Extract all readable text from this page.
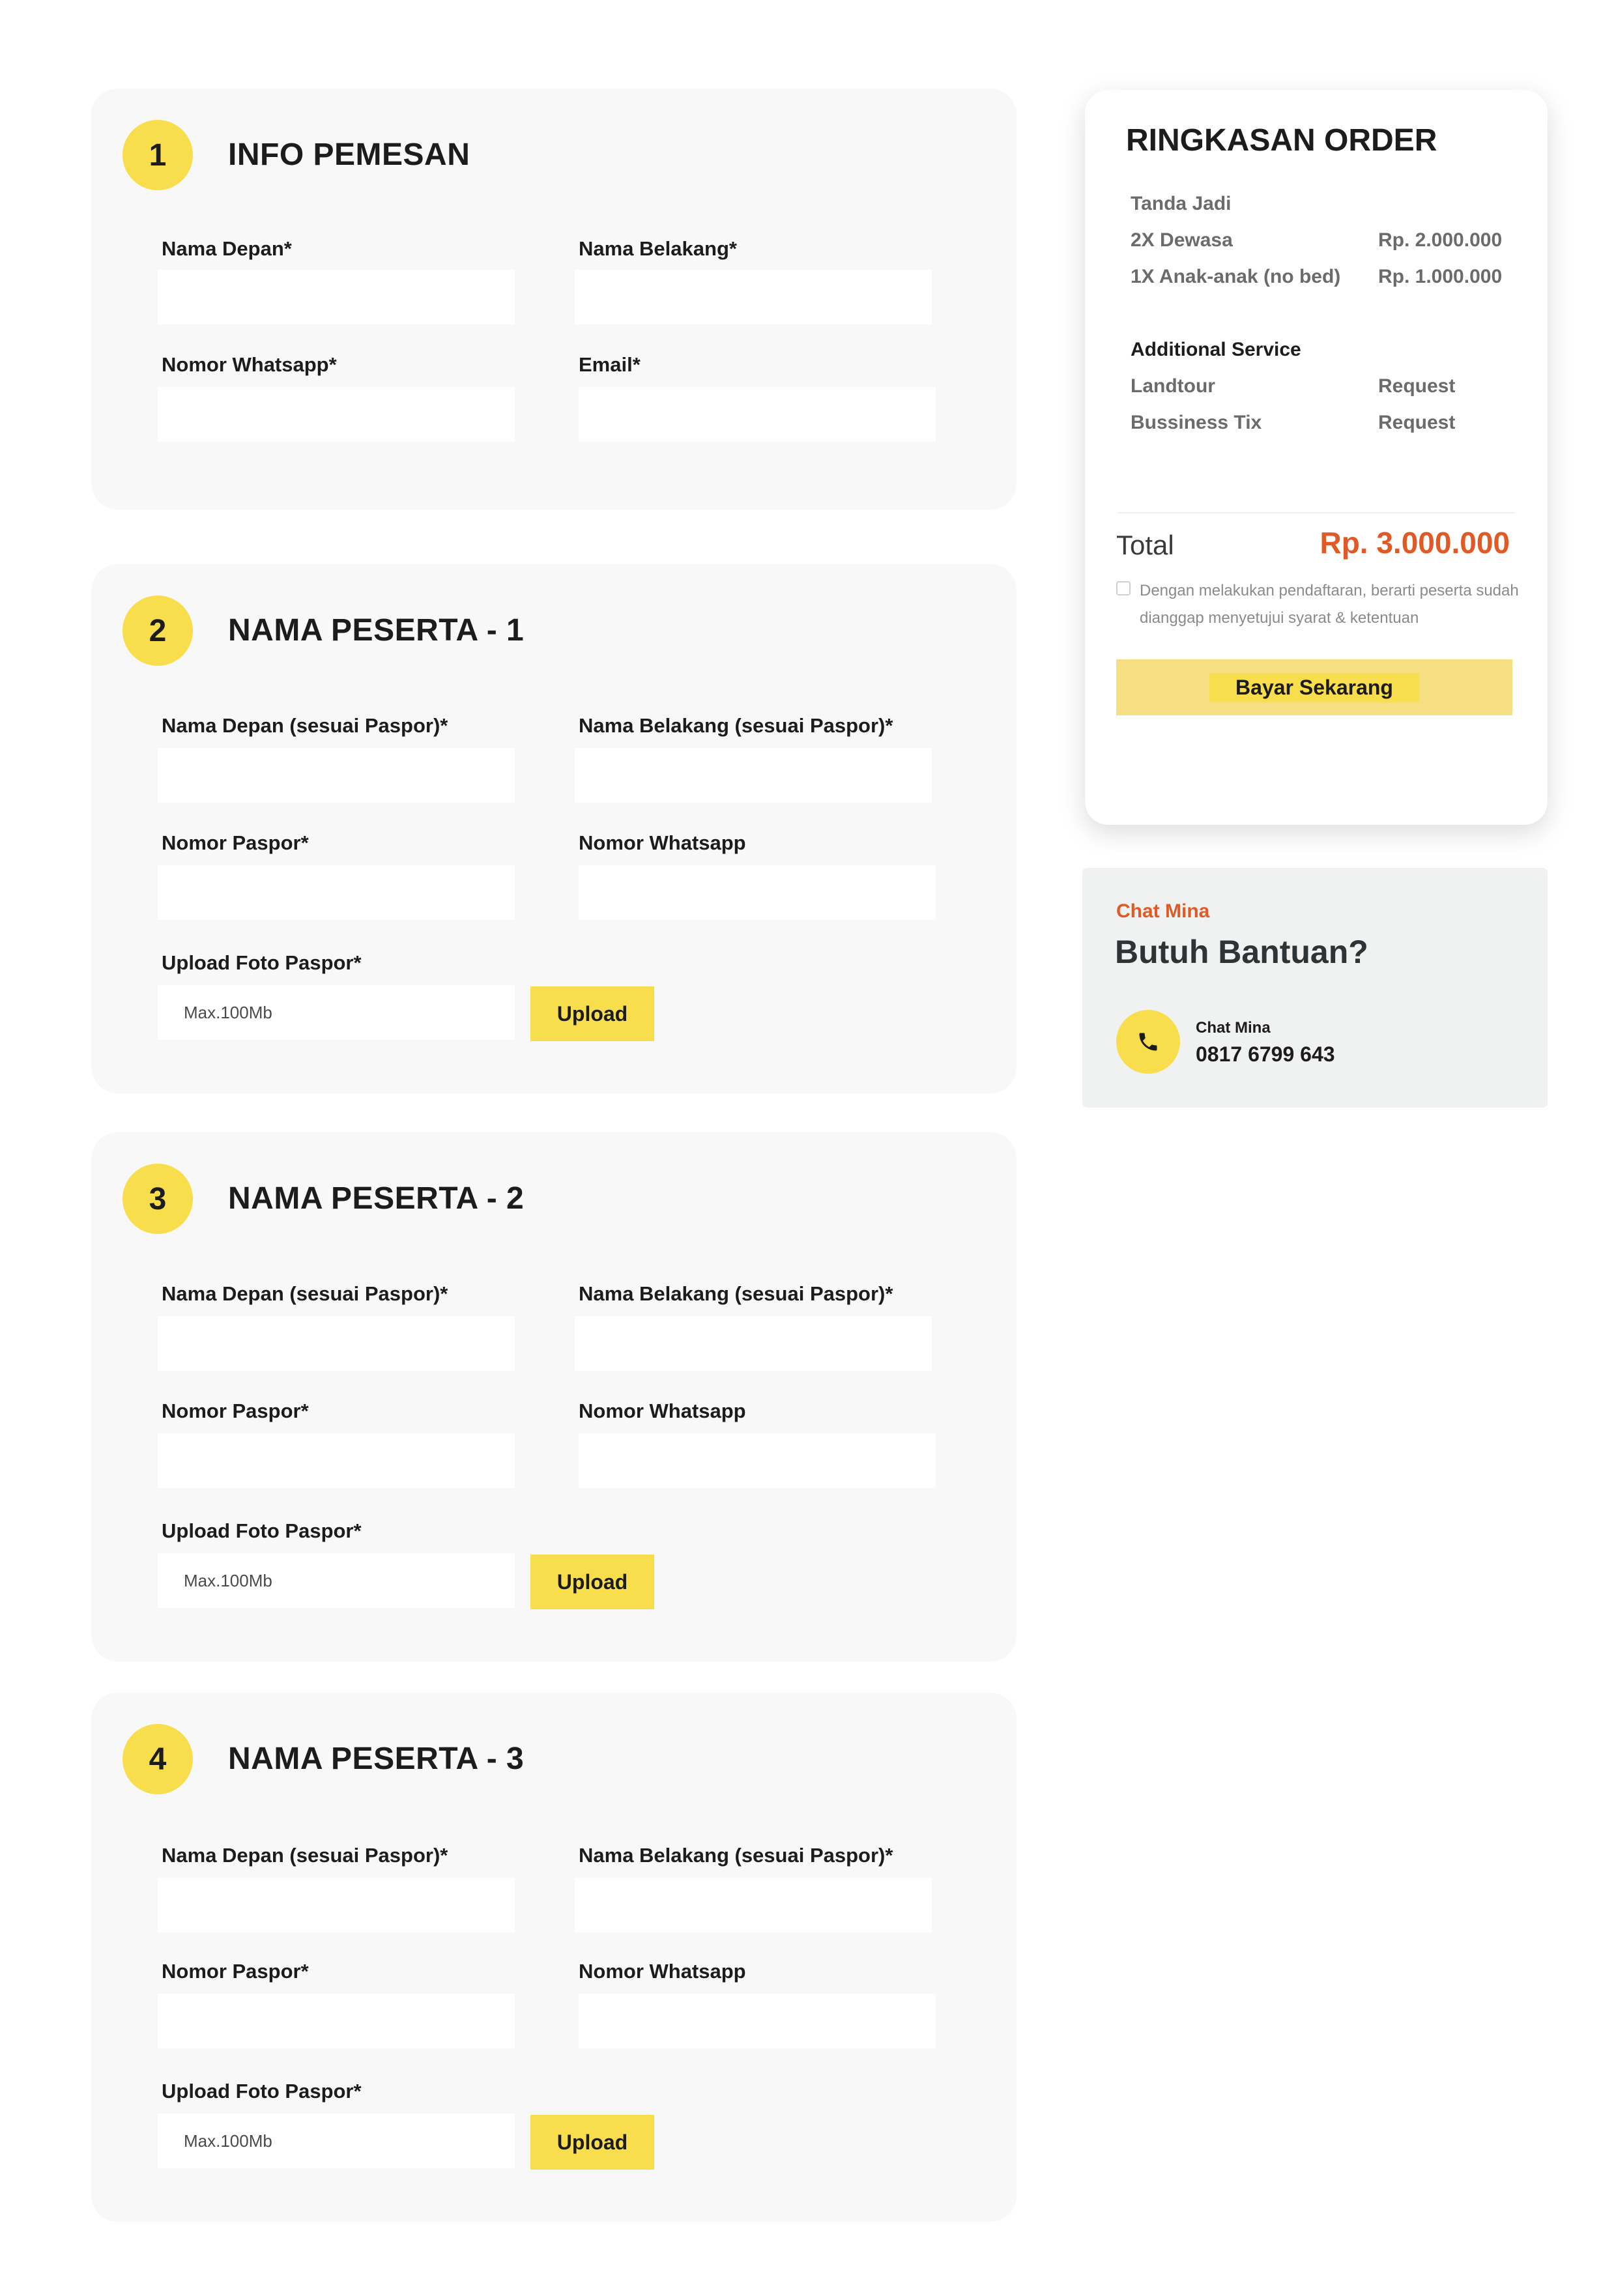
1	INFO PEMESAN
Nama Depan*	Nama Belakang*
Nomor Whatsapp*	Email*
2	NAMA PESERTA - 1
Nama Depan (sesuai Paspor)*	Nama Belakang (sesuai Paspor)*
Nomor Paspor*	Nomor Whatsapp
Upload Foto Paspor*
Max.100Mb	Upload
3	NAMA PESERTA - 2
Nama Depan (sesuai Paspor)*	Nama Belakang (sesuai Paspor)*
Nomor Paspor*	Nomor Whatsapp
Upload Foto Paspor*
Max.100Mb	Upload
4	NAMA PESERTA - 3
Nama Depan (sesuai Paspor)*	Nama Belakang (sesuai Paspor)*
Nomor Paspor*	Nomor Whatsapp
Upload Foto Paspor*
Max.100Mb	Upload
RINGKASAN ORDER
Tanda Jadi
2X Dewasa	Rp. 2.000.000
1X Anak-anak (no bed) Rp. 1.000.000
Additional Service
Landtour	Request
Bussiness Tix	Request
Total	Rp. 3.000.000
Dengan melakukan pendaftaran, berarti peserta sudah dianggap menyetujui syarat & ketentuan
Bayar Sekarang
Chat Mina
Butuh Bantuan?
Chat Mina
0817 6799 643
